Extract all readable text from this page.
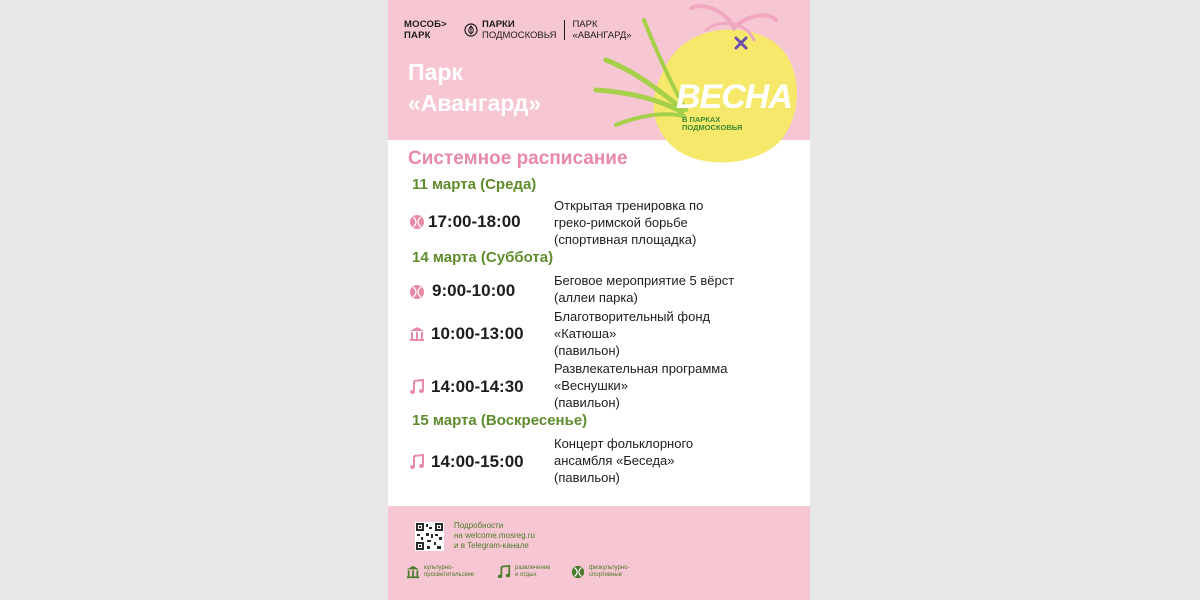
ВЕСНА
В ПАРКАХ
ПОДМОСКОВЬЯ
МОСОБ> ПАРК
ПАРКИ
ПОДМОСКОВЬЯ
ПАРК
«АВАНГАРД»
Парк
«Авангард»
Системное расписание
11 марта (Среда)
17:00-18:00
Открытая тренировка по
греко-римской борьбе
(спортивная площадка)
14 марта (Суббота)
9:00-10:00
Беговое мероприятие 5 вёрст
(аллеи парка)
10:00-13:00
Благотворительный фонд
«Катюша»
(павильон)
14:00-14:30
Развлекательная программа
«Веснушки»
(павильон)
15 марта (Воскресенье)
14:00-15:00
Концерт фольклорного
ансамбля «Беседа»
(павильон)
Подробности
на welcome.mosreg.ru
и в Telegram-канале
культурно-
просветительские
развлечение
и отдых
физкультурно-
спортивные
